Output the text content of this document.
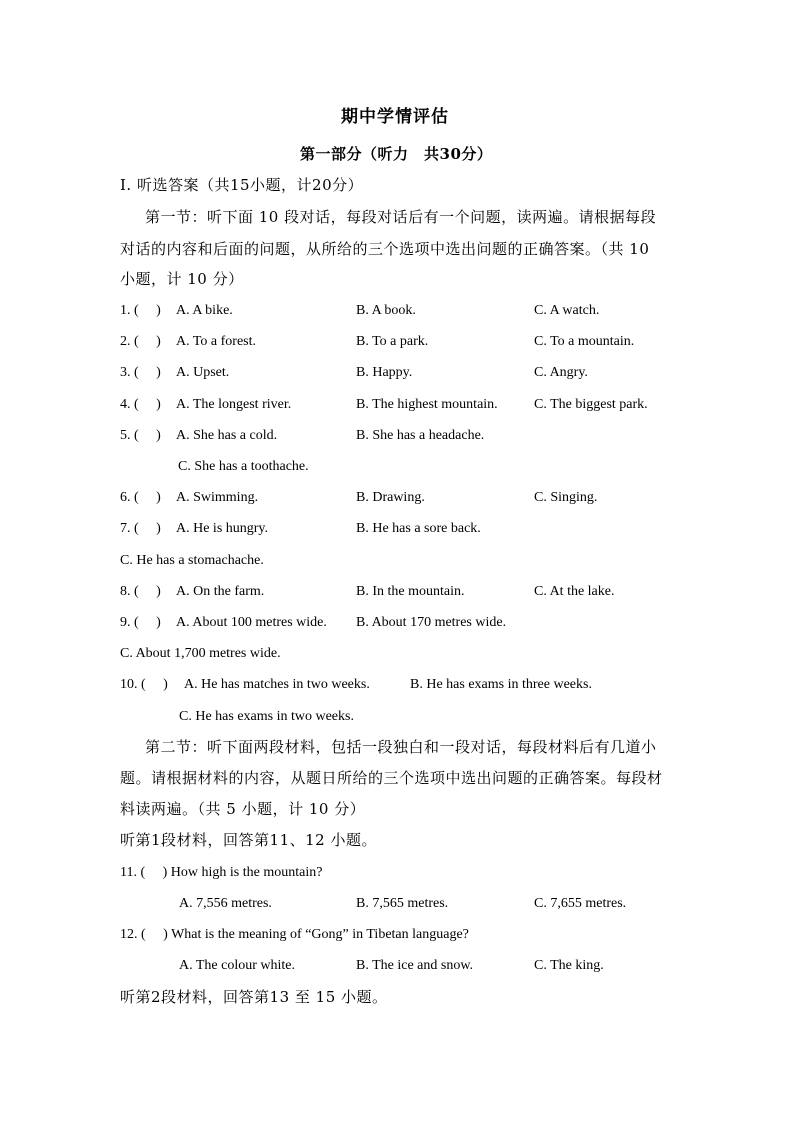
期中学情评估
第一部分（听力　共30分）
I. 听选答案（共15小题，计20分）
第一节：听下面 10 段对话，每段对话后有一个问题，读两遍。请根据每段
对话的内容和后面的问题，从所给的三个选项中选出问题的正确答案。（共 10
小题，计 10 分）
1. (　 ) A. A bike.	B. A book.	C. A watch.
2. (　 ) A. To a forest.	B. To a park.	C. To a mountain.
3. (　 ) A. Upset.	B. Happy.	C. Angry.
4. (　 ) A. The longest river.	B. The highest mountain.	C. The biggest park.
5. (　 ) A. She has a cold.	B. She has a headache.
C. She has a toothache.
6. (　 ) A. Swimming.	B. Drawing.	C. Singing.
7. (　 ) A. He is hungry.	B. He has a sore back.
C. He has a stomachache.
8. (　 ) A. On the farm.	B. In the mountain.	C. At the lake.
9. (　 ) A. About 100 metres wide. B. About 170 metres wide.
C. About 1,700 metres wide.
10. (　 ) A. He has matches in two weeks.	B. He has exams in three weeks.
C. He has exams in two weeks.
第二节：听下面两段材料，包括一段独白和一段对话，每段材料后有几道小
题。请根据材料的内容，从题日所给的三个选项中选出问题的正确答案。每段材
料读两遍。（共 5 小题，计 10 分）
听第1段材料，回答第11、12 小题。
11. (　 ) How high is the mountain?
A. 7,556 metres.	B. 7,565 metres.	C. 7,655 metres.
12. (　 ) What is the meaning of “Gong” in Tibetan language?
A. The colour white.	B. The ice and snow.	C. The king.
听第2段材料，回答第13 至 15 小题。
